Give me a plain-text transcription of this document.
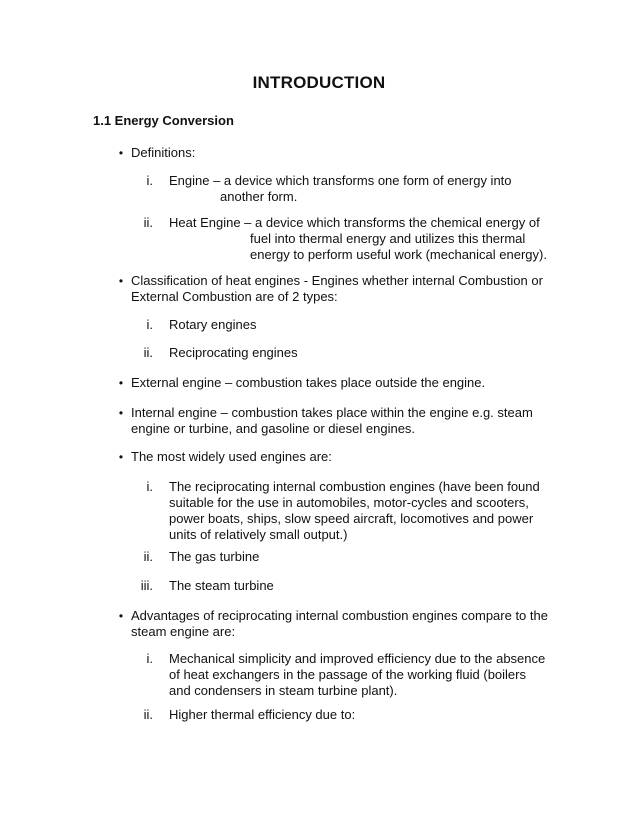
INTRODUCTION
1.1 Energy Conversion
• Definitions:
i. Engine – a device which transforms one form of energy into
another form.
ii. Heat Engine – a device which transforms the chemical energy of
fuel into thermal energy and utilizes this thermal
energy to perform useful work (mechanical energy).
• Classification of heat engines - Engines whether internal Combustion or External Combustion are of 2 types:
i. Rotary engines
ii. Reciprocating engines
• External engine – combustion takes place outside the engine.
• Internal engine – combustion takes place within the engine e.g. steam engine or turbine, and gasoline or diesel engines.
• The most widely used engines are:
i. The reciprocating internal combustion engines (have been found suitable for the use in automobiles, motor-cycles and scooters, power boats, ships, slow speed aircraft, locomotives and power units of relatively small output.)
ii. The gas turbine
iii. The steam turbine
• Advantages of reciprocating internal combustion engines compare to the steam engine are:
i. Mechanical simplicity and improved efficiency due to the absence of heat exchangers in the passage of the working fluid (boilers and condensers in steam turbine plant).
ii. Higher thermal efficiency due to:
